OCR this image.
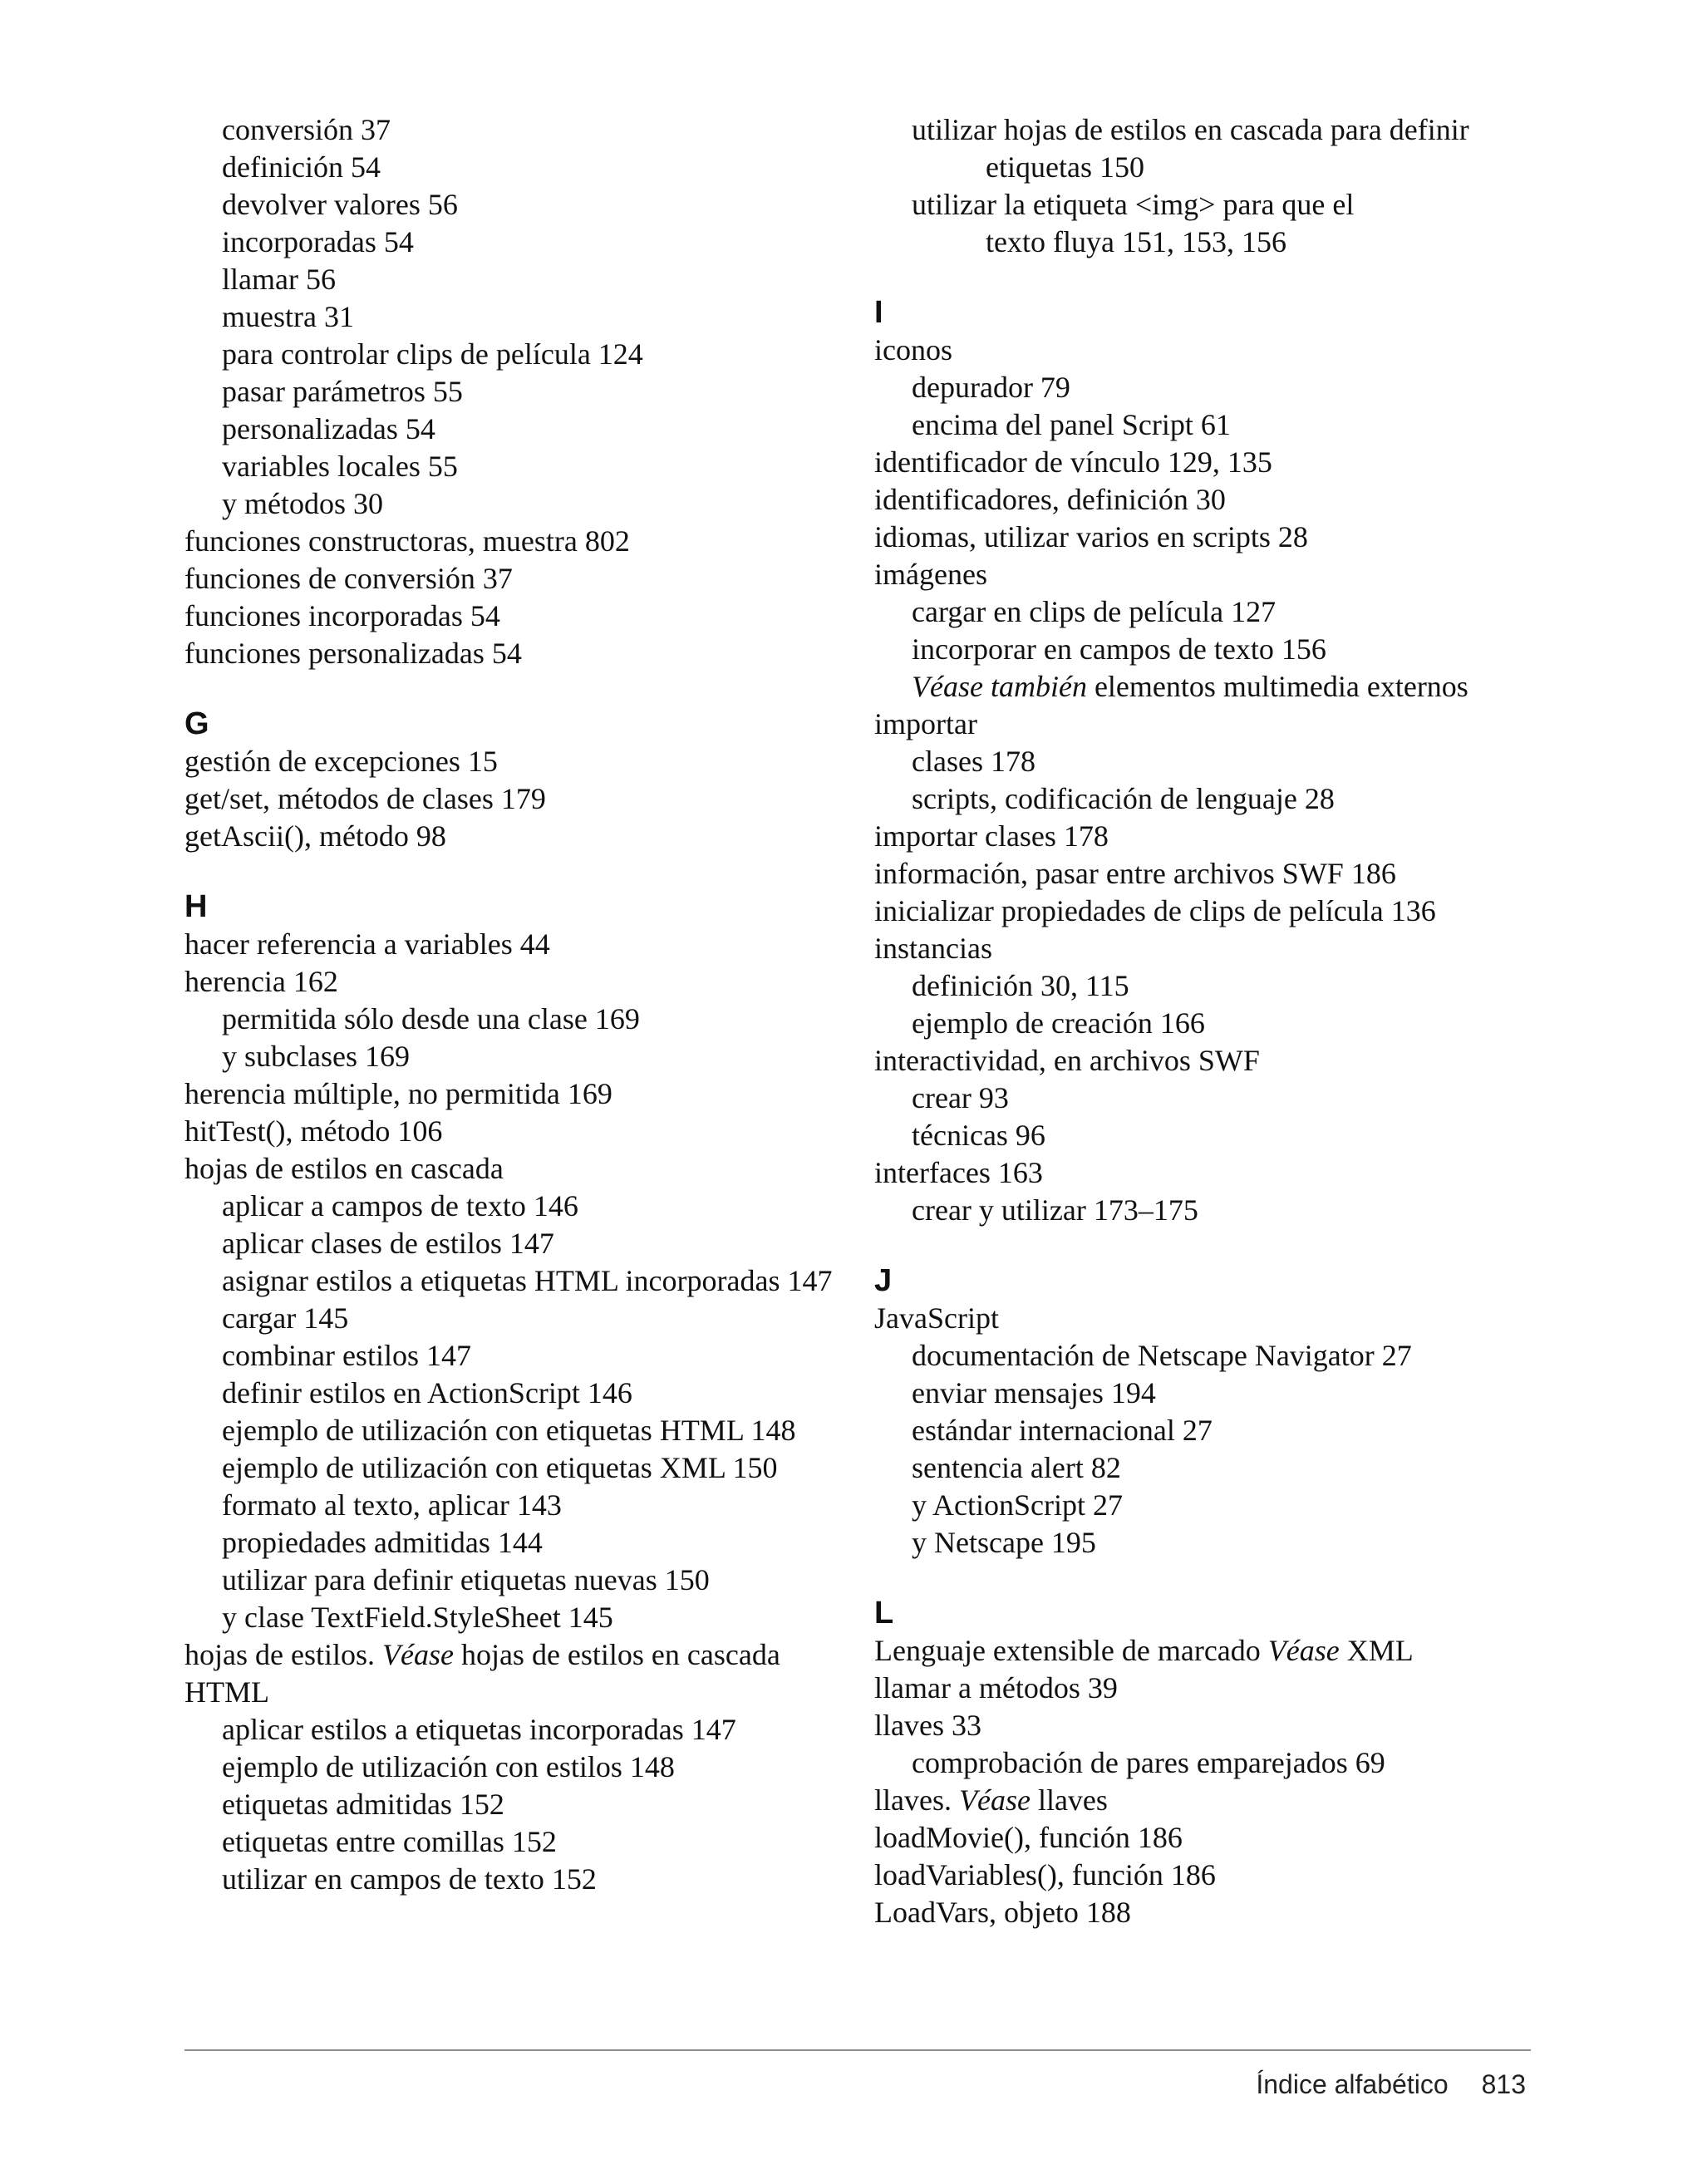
conversión 37
definición 54
devolver valores 56
incorporadas 54
llamar 56
muestra 31
para controlar clips de película 124
pasar parámetros 55
personalizadas 54
variables locales 55
y métodos 30
funciones constructoras, muestra 802
funciones de conversión 37
funciones incorporadas 54
funciones personalizadas 54
G
gestión de excepciones 15
get/set, métodos de clases 179
getAscii(), método 98
H
hacer referencia a variables 44
herencia 162
permitida sólo desde una clase 169
y subclases 169
herencia múltiple, no permitida 169
hitTest(), método 106
hojas de estilos en cascada
aplicar a campos de texto 146
aplicar clases de estilos 147
asignar estilos a etiquetas HTML incorporadas 147
cargar 145
combinar estilos 147
definir estilos en ActionScript 146
ejemplo de utilización con etiquetas HTML 148
ejemplo de utilización con etiquetas XML 150
formato al texto, aplicar 143
propiedades admitidas 144
utilizar para definir etiquetas nuevas 150
y clase TextField.StyleSheet 145
hojas de estilos. Véase hojas de estilos en cascada
HTML
aplicar estilos a etiquetas incorporadas 147
ejemplo de utilización con estilos 148
etiquetas admitidas 152
etiquetas entre comillas 152
utilizar en campos de texto 152
utilizar hojas de estilos en cascada para definir
etiquetas 150
utilizar la etiqueta <img> para que el
texto fluya 151, 153, 156
I
iconos
depurador 79
encima del panel Script 61
identificador de vínculo 129, 135
identificadores, definición 30
idiomas, utilizar varios en scripts 28
imágenes
cargar en clips de película 127
incorporar en campos de texto 156
Véase también elementos multimedia externos
importar
clases 178
scripts, codificación de lenguaje 28
importar clases 178
información, pasar entre archivos SWF 186
inicializar propiedades de clips de película 136
instancias
definición 30, 115
ejemplo de creación 166
interactividad, en archivos SWF
crear 93
técnicas 96
interfaces 163
crear y utilizar 173–175
J
JavaScript
documentación de Netscape Navigator 27
enviar mensajes 194
estándar internacional 27
sentencia alert 82
y ActionScript 27
y Netscape 195
L
Lenguaje extensible de marcado Véase XML
llamar a métodos 39
llaves 33
comprobación de pares emparejados 69
llaves. Véase llaves
loadMovie(), función 186
loadVariables(), función 186
LoadVars, objeto 188
Índice alfabético 813
